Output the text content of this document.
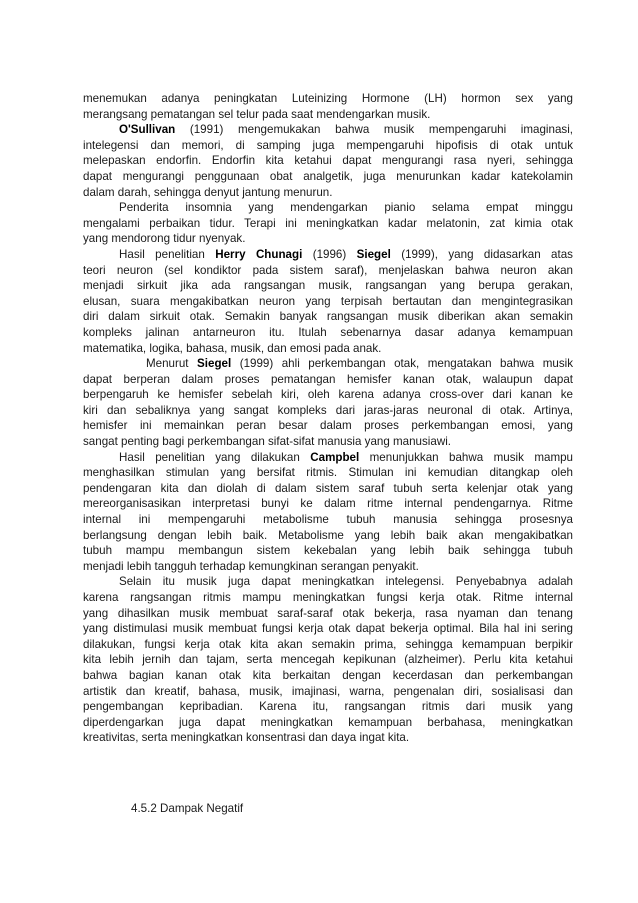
menemukan adanya peningkatan Luteinizing Hormone (LH) hormon sex yang
merangsang pematangan sel telur pada saat mendengarkan musik.

O'Sullivan (1991) mengemukakan bahwa musik mempengaruhi imaginasi,
intelegensi dan memori, di samping juga mempengaruhi hipofisis di otak untuk
melepaskan endorfin. Endorfin kita ketahui dapat mengurangi rasa nyeri, sehingga
dapat mengurangi penggunaan obat analgetik, juga menurunkan kadar katekolamin
dalam darah, sehingga denyut jantung menurun.

Penderita insomnia yang mendengarkan pianio selama empat minggu
mengalami perbaikan tidur. Terapi ini meningkatkan kadar melatonin, zat kimia otak
yang mendorong tidur nyenyak.

Hasil penelitian Herry Chunagi (1996) Siegel (1999), yang didasarkan atas
teori neuron (sel kondiktor pada sistem saraf), menjelaskan bahwa neuron akan
menjadi sirkuit jika ada rangsangan musik, rangsangan yang berupa gerakan,
elusan, suara mengakibatkan neuron yang terpisah bertautan dan mengintegrasikan
diri dalam sirkuit otak. Semakin banyak rangsangan musik diberikan akan semakin
kompleks jalinan antarneuron itu. Itulah sebenarnya dasar adanya kemampuan
matematika, logika, bahasa, musik, dan emosi pada anak.

Menurut Siegel (1999) ahli perkembangan otak, mengatakan bahwa musik
dapat berperan dalam proses pematangan hemisfer kanan otak, walaupun dapat
berpengaruh ke hemisfer sebelah kiri, oleh karena adanya cross-over dari kanan ke
kiri dan sebaliknya yang sangat kompleks dari jaras-jaras neuronal di otak. Artinya,
hemisfer ini memainkan peran besar dalam proses perkembangan emosi, yang
sangat penting bagi perkembangan sifat-sifat manusia yang manusiawi.

Hasil penelitian yang dilakukan Campbel menunjukkan bahwa musik mampu
menghasilkan stimulan yang bersifat ritmis. Stimulan ini kemudian ditangkap oleh
pendengaran kita dan diolah di dalam sistem saraf tubuh serta kelenjar otak yang
mereorganisasikan interpretasi bunyi ke dalam ritme internal pendengarnya. Ritme
internal ini mempengaruhi metabolisme tubuh manusia sehingga prosesnya
berlangsung dengan lebih baik. Metabolisme yang lebih baik akan mengakibatkan
tubuh mampu membangun sistem kekebalan yang lebih baik sehingga tubuh
menjadi lebih tangguh terhadap kemungkinan serangan penyakit.

Selain itu musik juga dapat meningkatkan intelegensi. Penyebabnya adalah
karena rangsangan ritmis mampu meningkatkan fungsi kerja otak. Ritme internal
yang dihasilkan musik membuat saraf-saraf otak bekerja, rasa nyaman dan tenang
yang distimulasi musik membuat fungsi kerja otak dapat bekerja optimal. Bila hal ini sering
dilakukan, fungsi kerja otak kita akan semakin prima, sehingga kemampuan berpikir
kita lebih jernih dan tajam, serta mencegah kepikunan (alzheimer). Perlu kita ketahui
bahwa bagian kanan otak kita berkaitan dengan kecerdasan dan perkembangan
artistik dan kreatif, bahasa, musik, imajinasi, warna, pengenalan diri, sosialisasi dan
pengembangan kepribadian. Karena itu, rangsangan ritmis dari musik yang
diperdengarkan juga dapat meningkatkan kemampuan berbahasa, meningkatkan
kreativitas, serta meningkatkan konsentrasi dan daya ingat kita.

4.5.2 Dampak Negatif
